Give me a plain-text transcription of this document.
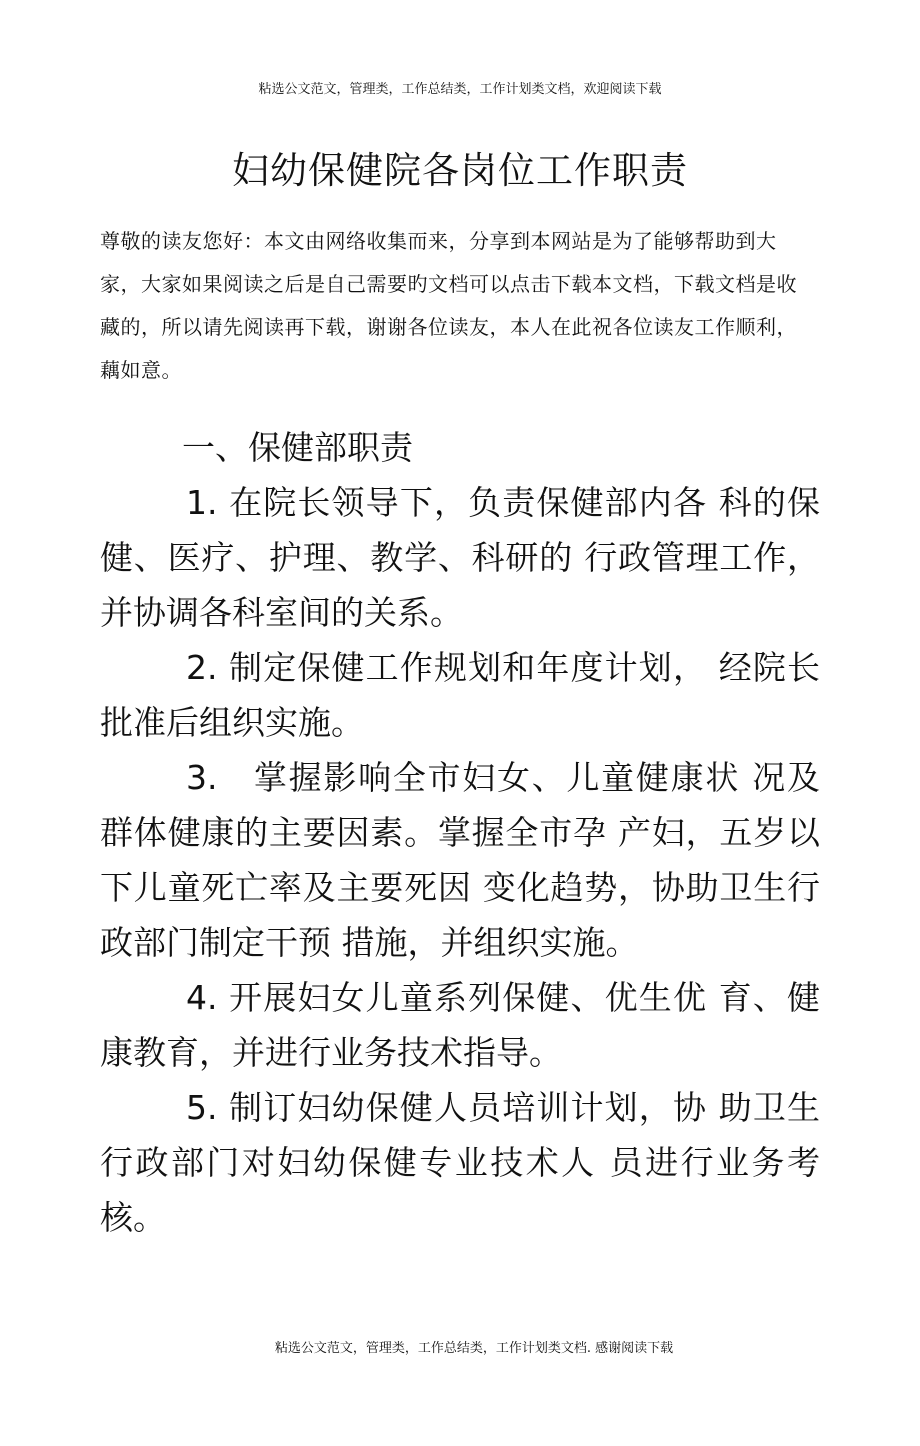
粘选公文范文，管理类，工作总结类，工作计划类文档，欢迎阅读下载
妇幼保健院各岗位工作职责
尊敬的读友您好：本文由网络收集而来，分享到本网站是为了能够帮助到大家，大家如果阅读之后是自己需要旳文档可以点击下载本文档，下载文档是收藏的，所以请先阅读再下载，谢谢各位读友，本人在此祝各位读友工作顺利，藕如意。
一、保健部职责

1. 在院长领导下，负责保健部内各 科的保健、医疗、护理、教学、科研的 行政管理工作，并协调各科室间的关系。

2. 制定保健工作规划和年度计划， 经院长批准后组织实施。

3.　掌握影响全市妇女、儿童健康状 况及群体健康的主要因素。掌握全市孕 产妇，五岁以下儿童死亡率及主要死因 变化趋势，协助卫生行政部门制定干预 措施，并组织实施。

4. 开展妇女儿童系列保健、优生优 育、健康教育，并进行业务技术指导。

5. 制订妇幼保健人员培训计划，协 助卫生行政部门对妇幼保健专业技术人 员进行业务考核。

粘选公文范文，管理类，工作总结类，工作计划类文档. 感谢阅读下载
